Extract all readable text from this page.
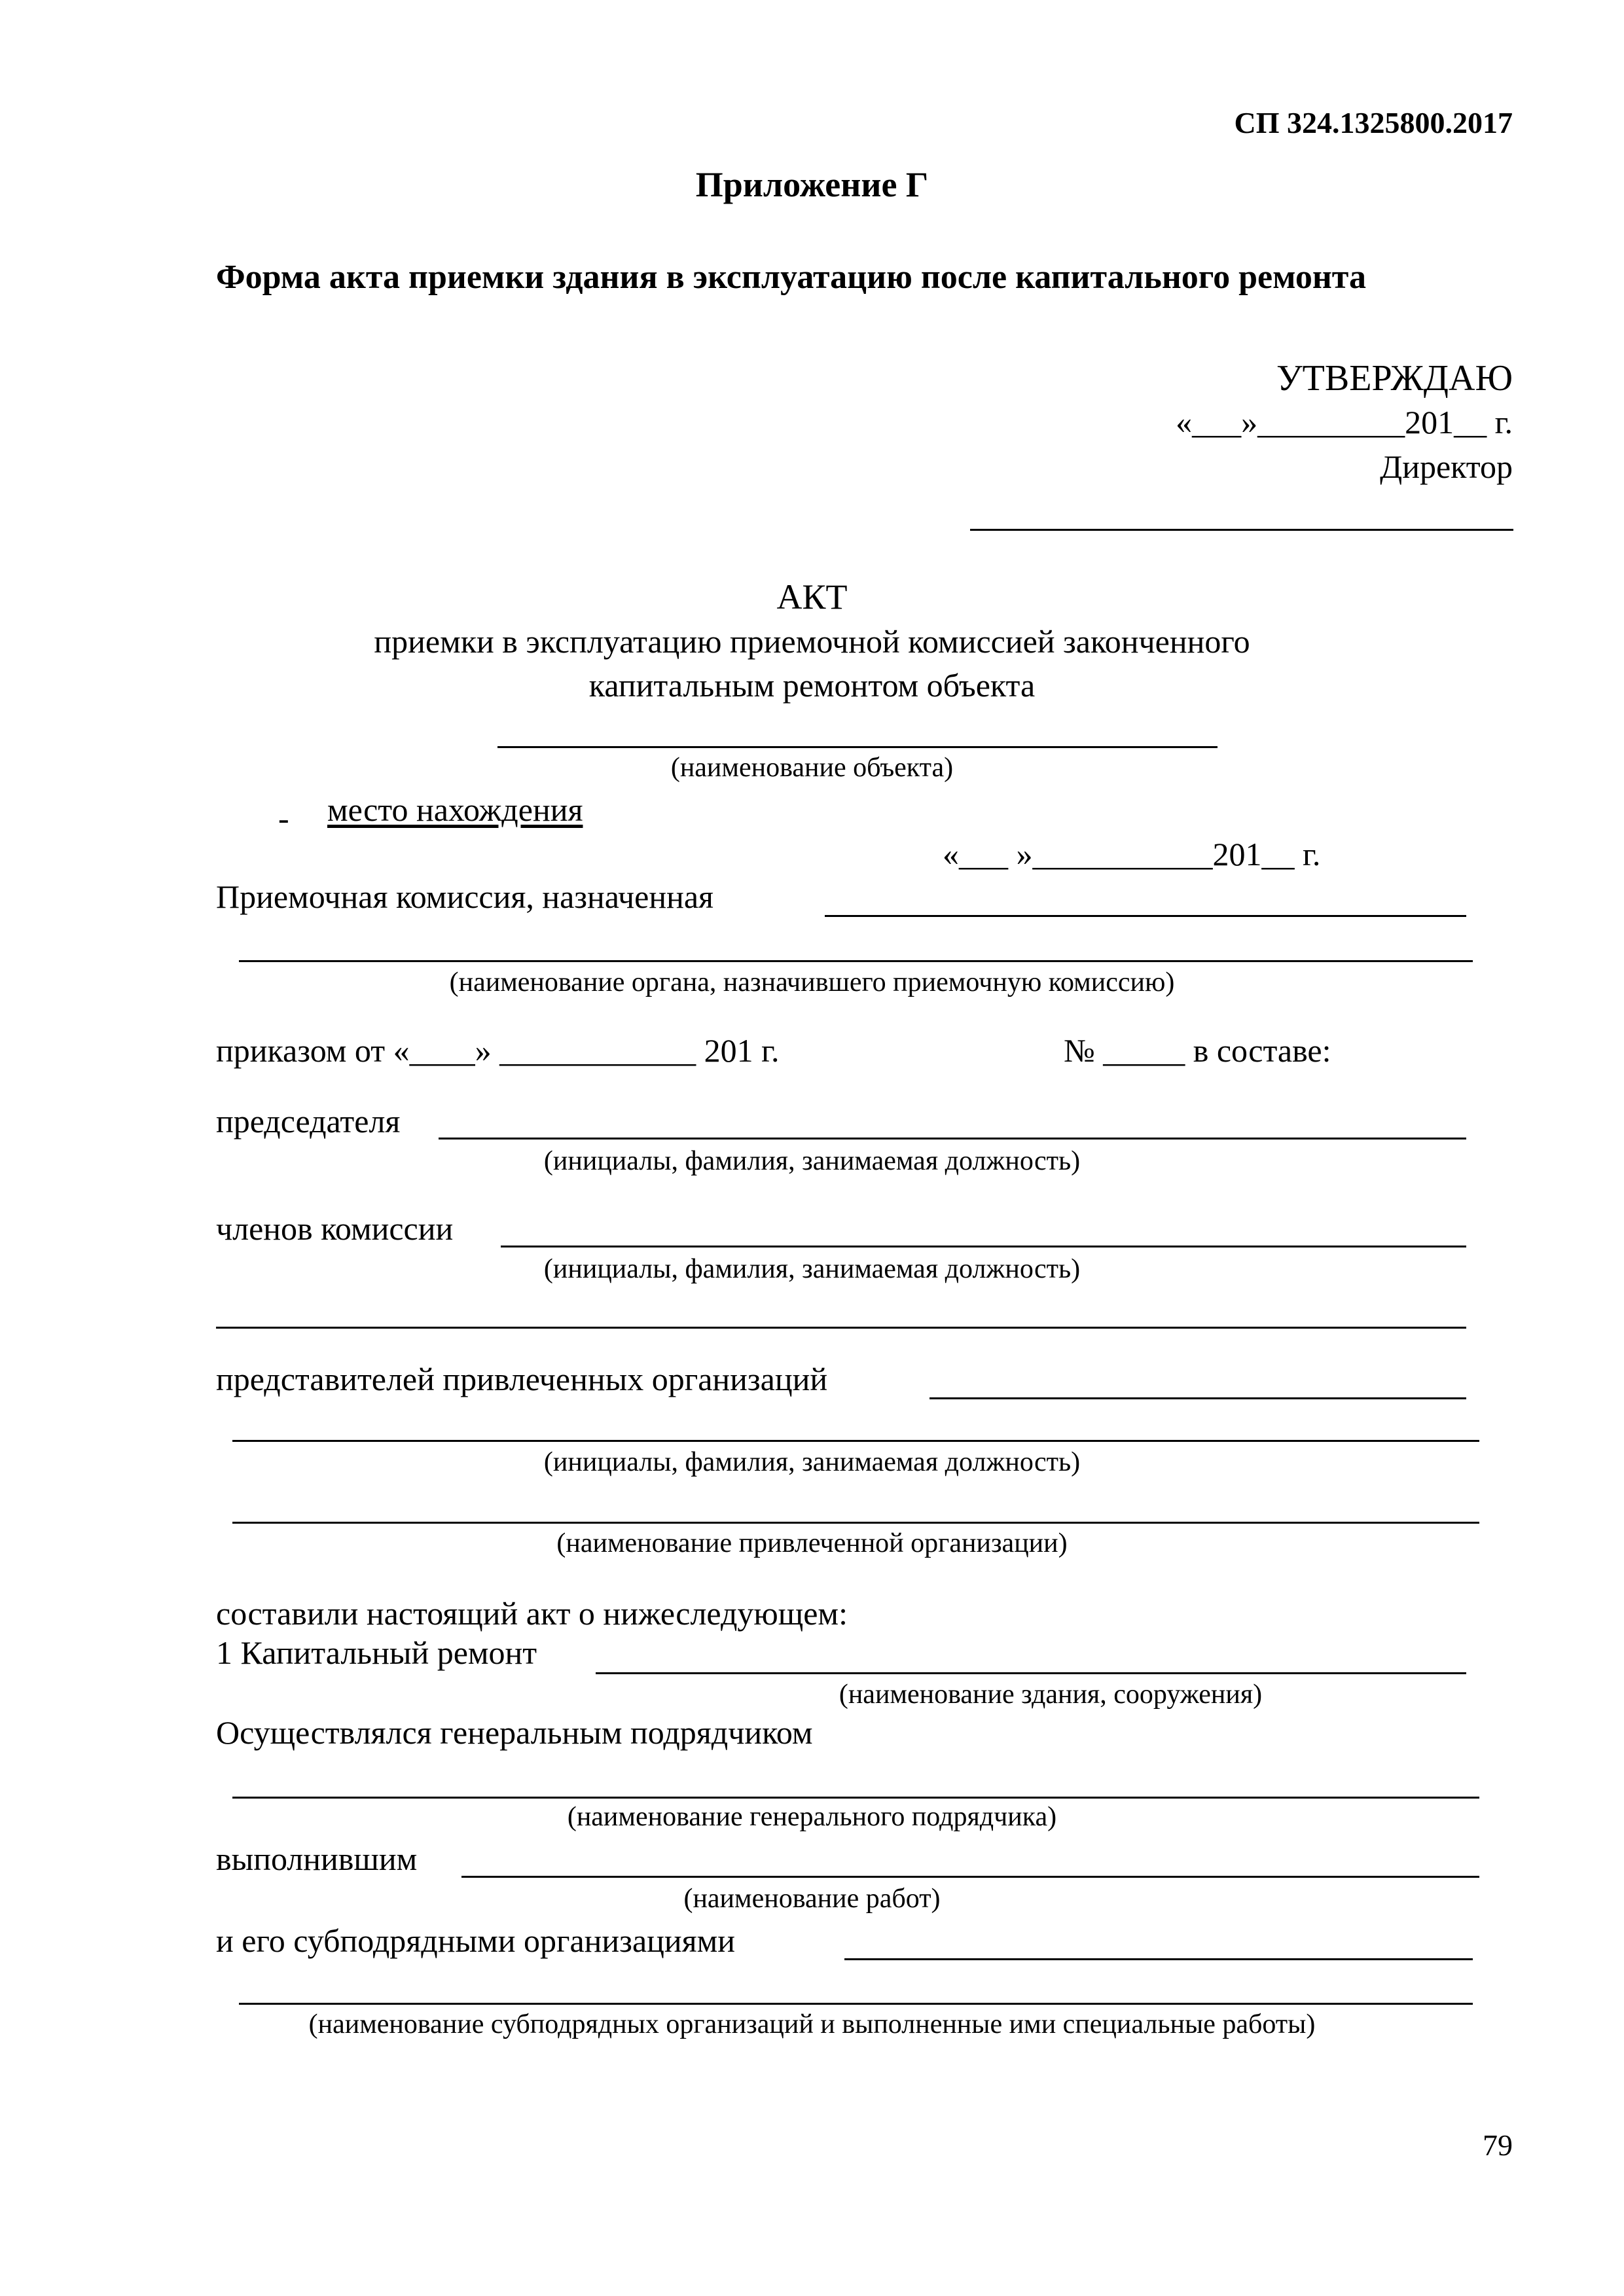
СП 324.1325800.2017
Приложение Г
Форма акта приемки здания в эксплуатацию после капитального ремонта
УТВЕРЖДАЮ
«___»_________201__ г.
Директор
АКТ
приемки в эксплуатацию приемочной комиссией законченного
капитальным ремонтом объекта
(наименование объекта)
- место нахождения
«___ »___________201__ г.
Приемочная комиссия, назначенная
(наименование органа, назначившего приемочную комиссию)
приказом от «____» ____________ 201 г.	№ _____ в составе:
председателя
(инициалы, фамилия, занимаемая должность)
членов комиссии
(инициалы, фамилия, занимаемая должность)
представителей привлеченных организаций
(инициалы, фамилия, занимаемая должность)
(наименование привлеченной организации)
составили настоящий акт о нижеследующем:
1 Капитальный ремонт
(наименование здания, сооружения)
Осуществлялся генеральным подрядчиком
(наименование генерального подрядчика)
выполнившим
(наименование работ)
и его субподрядными организациями
(наименование субподрядных организаций и выполненные ими специальные работы)
79
